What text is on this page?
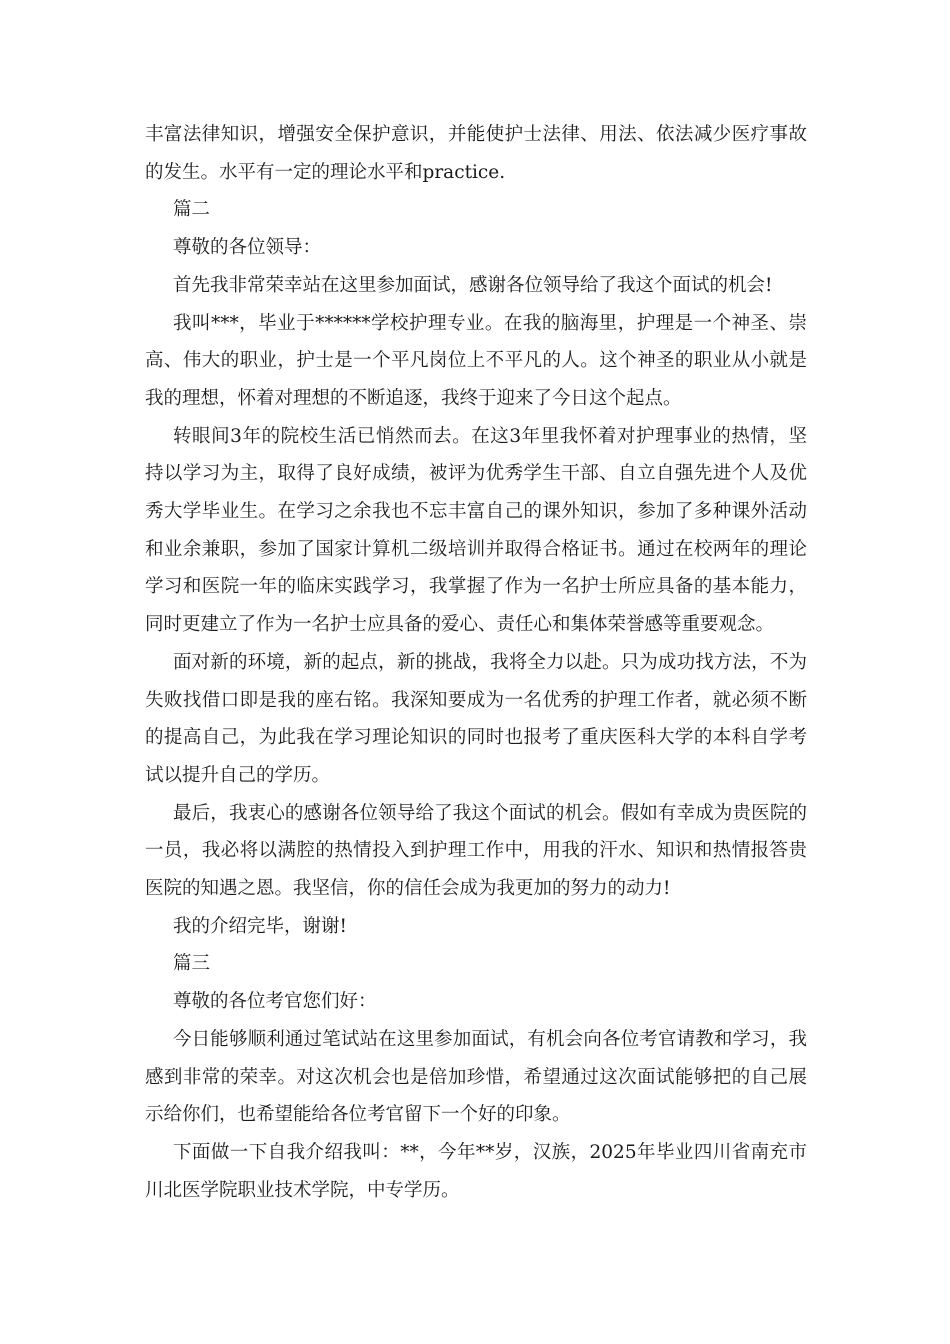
丰富法律知识，增强安全保护意识，并能使护士法律、用法、依法减少医疗事故的发生。水平有一定的理论水平和practice.

篇二

尊敬的各位领导：

首先我非常荣幸站在这里参加面试，感谢各位领导给了我这个面试的机会!

我叫***，毕业于******学校护理专业。在我的脑海里，护理是一个神圣、崇高、伟大的职业，护士是一个平凡岗位上不平凡的人。这个神圣的职业从小就是我的理想，怀着对理想的不断追逐，我终于迎来了今日这个起点。

转眼间3年的院校生活已悄然而去。在这3年里我怀着对护理事业的热情，坚持以学习为主，取得了良好成绩，被评为优秀学生干部、自立自强先进个人及优秀大学毕业生。在学习之余我也不忘丰富自己的课外知识，参加了多种课外活动和业余兼职，参加了国家计算机二级培训并取得合格证书。通过在校两年的理论学习和医院一年的临床实践学习，我掌握了作为一名护士所应具备的基本能力，同时更建立了作为一名护士应具备的爱心、责任心和集体荣誉感等重要观念。

面对新的环境，新的起点，新的挑战，我将全力以赴。只为成功找方法，不为失败找借口即是我的座右铭。我深知要成为一名优秀的护理工作者，就必须不断的提高自己，为此我在学习理论知识的同时也报考了重庆医科大学的本科自学考试以提升自己的学历。

最后，我衷心的感谢各位领导给了我这个面试的机会。假如有幸成为贵医院的一员，我必将以满腔的热情投入到护理工作中，用我的汗水、知识和热情报答贵医院的知遇之恩。我坚信，你的信任会成为我更加的努力的动力!

我的介绍完毕，谢谢!

篇三

尊敬的各位考官您们好：

今日能够顺利通过笔试站在这里参加面试，有机会向各位考官请教和学习，我感到非常的荣幸。对这次机会也是倍加珍惜，希望通过这次面试能够把的自己展示给你们，也希望能给各位考官留下一个好的印象。

下面做一下自我介绍我叫：**，今年**岁，汉族，2025年毕业四川省南充市川北医学院职业技术学院，中专学历。
